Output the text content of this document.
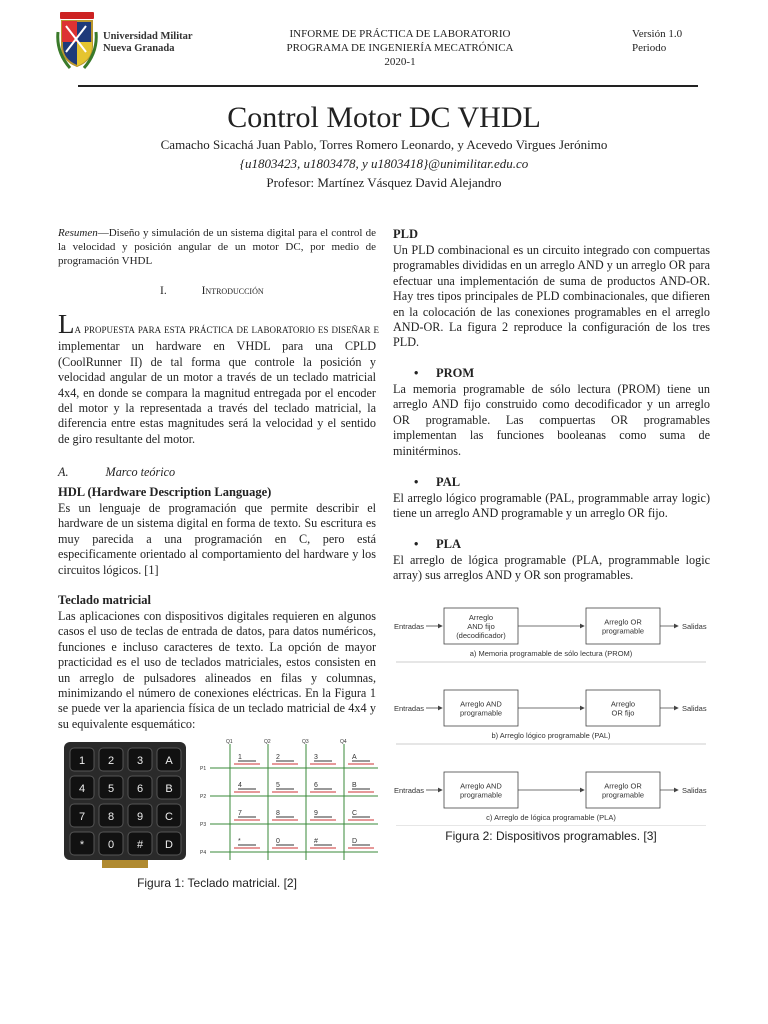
Universidad Militar
Nueva Granada
INFORME DE PRÁCTICA DE LABORATORIO
PROGRAMA DE INGENIERÍA MECATRÓNICA
2020-1
Versión 1.0
Periodo
Control Motor DC VHDL
Camacho Sicachá Juan Pablo, Torres Romero Leonardo, y Acevedo Virgues Jerónimo
{u1803423, u1803478, y u1803418}@unimilitar.edu.co
Profesor: Martínez Vásquez David Alejandro
Resumen—Diseño y simulación de un sistema digital para el control de la velocidad y posición angular de un motor DC, por medio de programación VHDL
I.	Introducción
La propuesta para esta práctica de laboratorio es diseñar e
implementar un hardware en VHDL para una CPLD (CoolRunner II) de tal forma que controle la posición y velocidad angular de un motor a través de un teclado matricial 4x4, en donde se compara la magnitud entregada por el encoder del motor y la representada a través del teclado matricial, la diferencia entre estas magnitudes será la velocidad y el sentido de giro resultante del motor.
A.	Marco teórico
HDL (Hardware Description Language)
Es un lenguaje de programación que permite describir el hardware de un sistema digital en forma de texto. Su escritura es muy parecida a una programación en C, pero está especificamente orientado al comportamiento del hardware y los circuitos lógicos. [1]
Teclado matricial
Las aplicaciones con dispositivos digitales requieren en algunos casos el uso de teclas de entrada de datos, para datos numéricos, funciones e incluso caracteres de texto. La opción de mayor practicidad es el uso de teclados matriciales, estos consisten en un arreglo de pulsadores alineados en filas y columnas, minimizando el número de conexiones eléctricas. En la Figura 1 se puede ver la apariencia física de un teclado matricial de 4x4 y su equivalente esquemático:
1 2 3 A
4 5 6 B
7 8 9 C
* 0 # D
Q1	Q2	Q3	Q4
P1
P2
P3
P4
1	2	3	A
4	5	6	B
7	8	9	C
*	0	#	D
Figura 1: Teclado matricial. [2]
PLD
Un PLD combinacional es un circuito integrado con compuertas programables divididas en un arreglo AND y un arreglo OR para efectuar una implementación de suma de productos AND-OR. Hay tres tipos principales de PLD combinacionales, que difieren en la colocación de las conexiones programables en el arreglo AND-OR. La figura 2 reproduce la configuración de los tres PLD.
• PROM
La memoria programable de sólo lectura (PROM) tiene un arreglo AND fijo construido como decodificador y un arreglo OR programable. Las compuertas OR programables implementan las funciones booleanas como suma de minitérminos.
• PAL
El arreglo lógico programable (PAL, programmable array logic) tiene un arreglo AND programable y un arreglo OR fijo.
• PLA
El arreglo de lógica programable (PLA, programmable logic array) sus arreglos AND y OR son programables.
Entradas
Arreglo
AND fijo
(decodificador)
Arreglo OR
programable	Salidas
a) Memoria programable de sólo lectura (PROM)
Entradas	Arreglo AND
programable
Arreglo
OR fijo	Salidas
b) Arreglo lógico programable (PAL)
Entradas	Arreglo AND
programable
Arreglo OR
programable	Salidas
c) Arreglo de lógica programable (PLA)
Figura 2: Dispositivos programables. [3]
